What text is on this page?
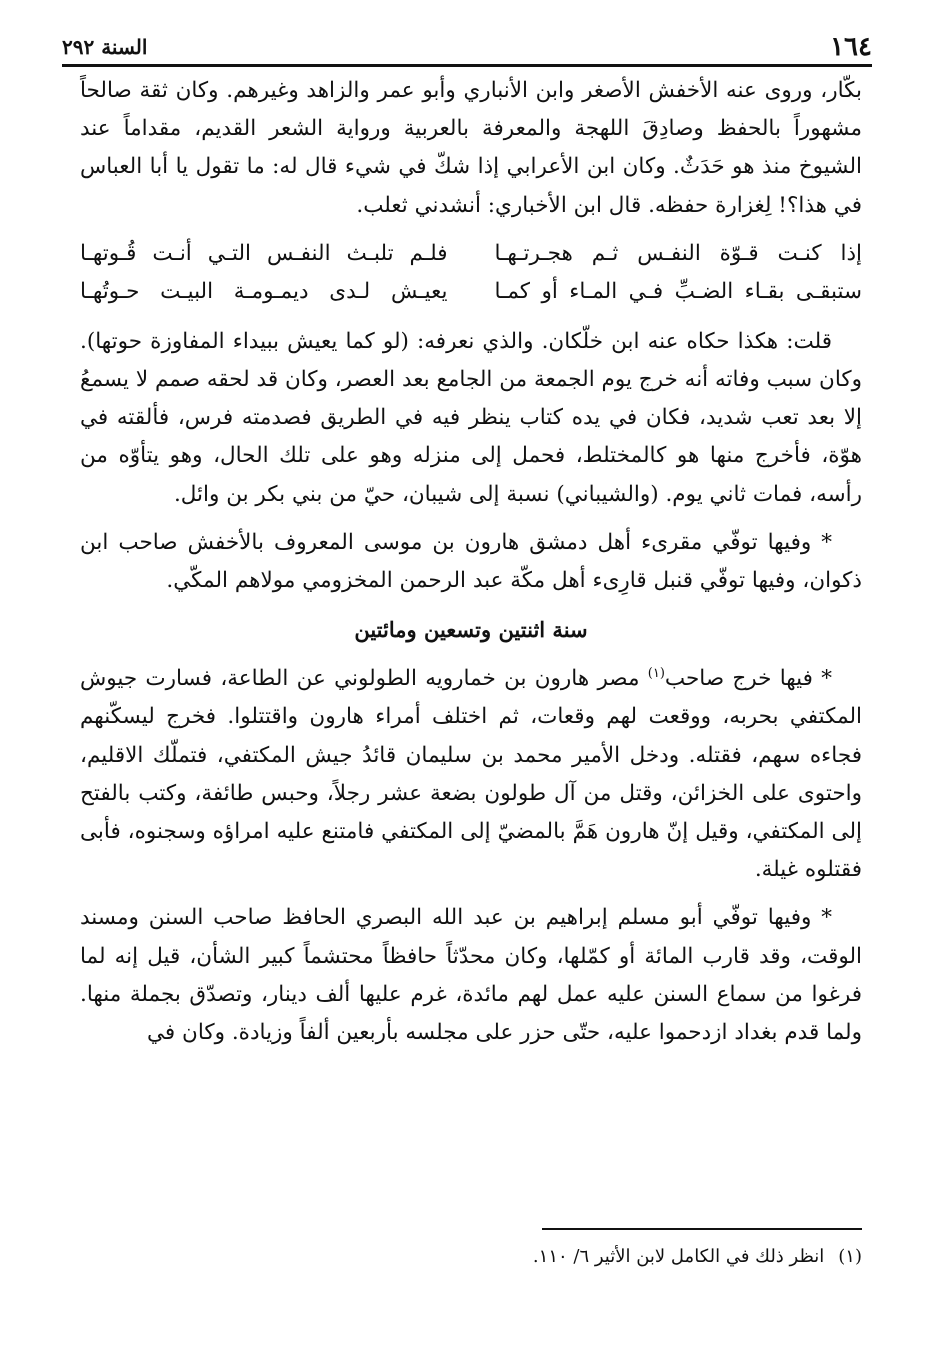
١٦٤
السنة ٢٩٢

بكّار، وروى عنه الأخفش الأصغر وابن الأنباري وأبو عمر والزاهد وغيرهم. وكان ثقة صالحاً مشهوراً بالحفظ وصادِقَ اللهجة والمعرفة بالعربية ورواية الشعر القديم، مقداماً عند الشيوخ منذ هو حَدَثٌ. وكان ابن الأعرابي إذا شكّ في شيء قال له: ما تقول يا أبا العباس في هذا؟! لِغزارة حفظه. قال ابن الأخباري: أنشدني ثعلب.

إذا كنـت قـوّة النفـس ثـم هجـرتـهـا
فلـم تلبـث النفـس التـي أنـت قُـوتهـا
ستبقـى بقـاء الضـبِّ فـي المـاء أو كمـا
يعيـش لـدى ديمـومـة البيـت حـوتُهـا

قلت: هكذا حكاه عنه ابن خلّكان. والذي نعرفه: (لو كما يعيش ببيداء المفاوزة حوتها). وكان سبب وفاته أنه خرج يوم الجمعة من الجامع بعد العصر، وكان قد لحقه صمم لا يسمعُ إلا بعد تعب شديد، فكان في يده كتاب ينظر فيه في الطريق فصدمته فرس، فألقته في هوّة، فأخرج منها هو كالمختلط، فحمل إلى منزله وهو على تلك الحال، وهو يتأوّه من رأسه، فمات ثاني يوم. (والشيباني) نسبة إلى شيبان، حيّ من بني بكر بن وائل.

* وفيها توفّي مقرىء أهل دمشق هارون بن موسى المعروف بالأخفش صاحب ابن ذكوان، وفيها توفّي قنبل قارِىء أهل مكّة عبد الرحمن المخزومي مولاهم المكّي.

سنة اثنتين وتسعين ومائتين

* فيها خرج صاحب$^{(١)}$ مصر هارون بن خمارويه الطولوني عن الطاعة، فسارت جيوش المكتفي بحربه، ووقعت لهم وقعات، ثم اختلف أمراء هارون واقتتلوا. فخرج ليسكّنهم فجاءه سهم، فقتله. ودخل الأمير محمد بن سليمان قائدُ جيش المكتفي، فتملّك الاقليم، واحتوى على الخزائن، وقتل من آل طولون بضعة عشر رجلاً، وحبس طائفة، وكتب بالفتح إلى المكتفي، وقيل إنّ هارون هَمَّ بالمضيّ إلى المكتفي فامتنع عليه امراؤه وسجنوه، فأبى فقتلوه غيلة.

* وفيها توفّي أبو مسلم إبراهيم بن عبد الله البصري الحافظ صاحب السنن ومسند الوقت، وقد قارب المائة أو كمّلها، وكان محدّثاً حافظاً محتشماً كبير الشأن، قيل إنه لما فرغوا من سماع السنن عليه عمل لهم مائدة، غرم عليها ألف دينار، وتصدّق بجملة منها. ولما قدم بغداد ازدحموا عليه، حتّى حزر على مجلسه بأربعين ألفاً وزيادة. وكان في

(١)انظر ذلك في الكامل لابن الأثير ٦/ ١١٠.
